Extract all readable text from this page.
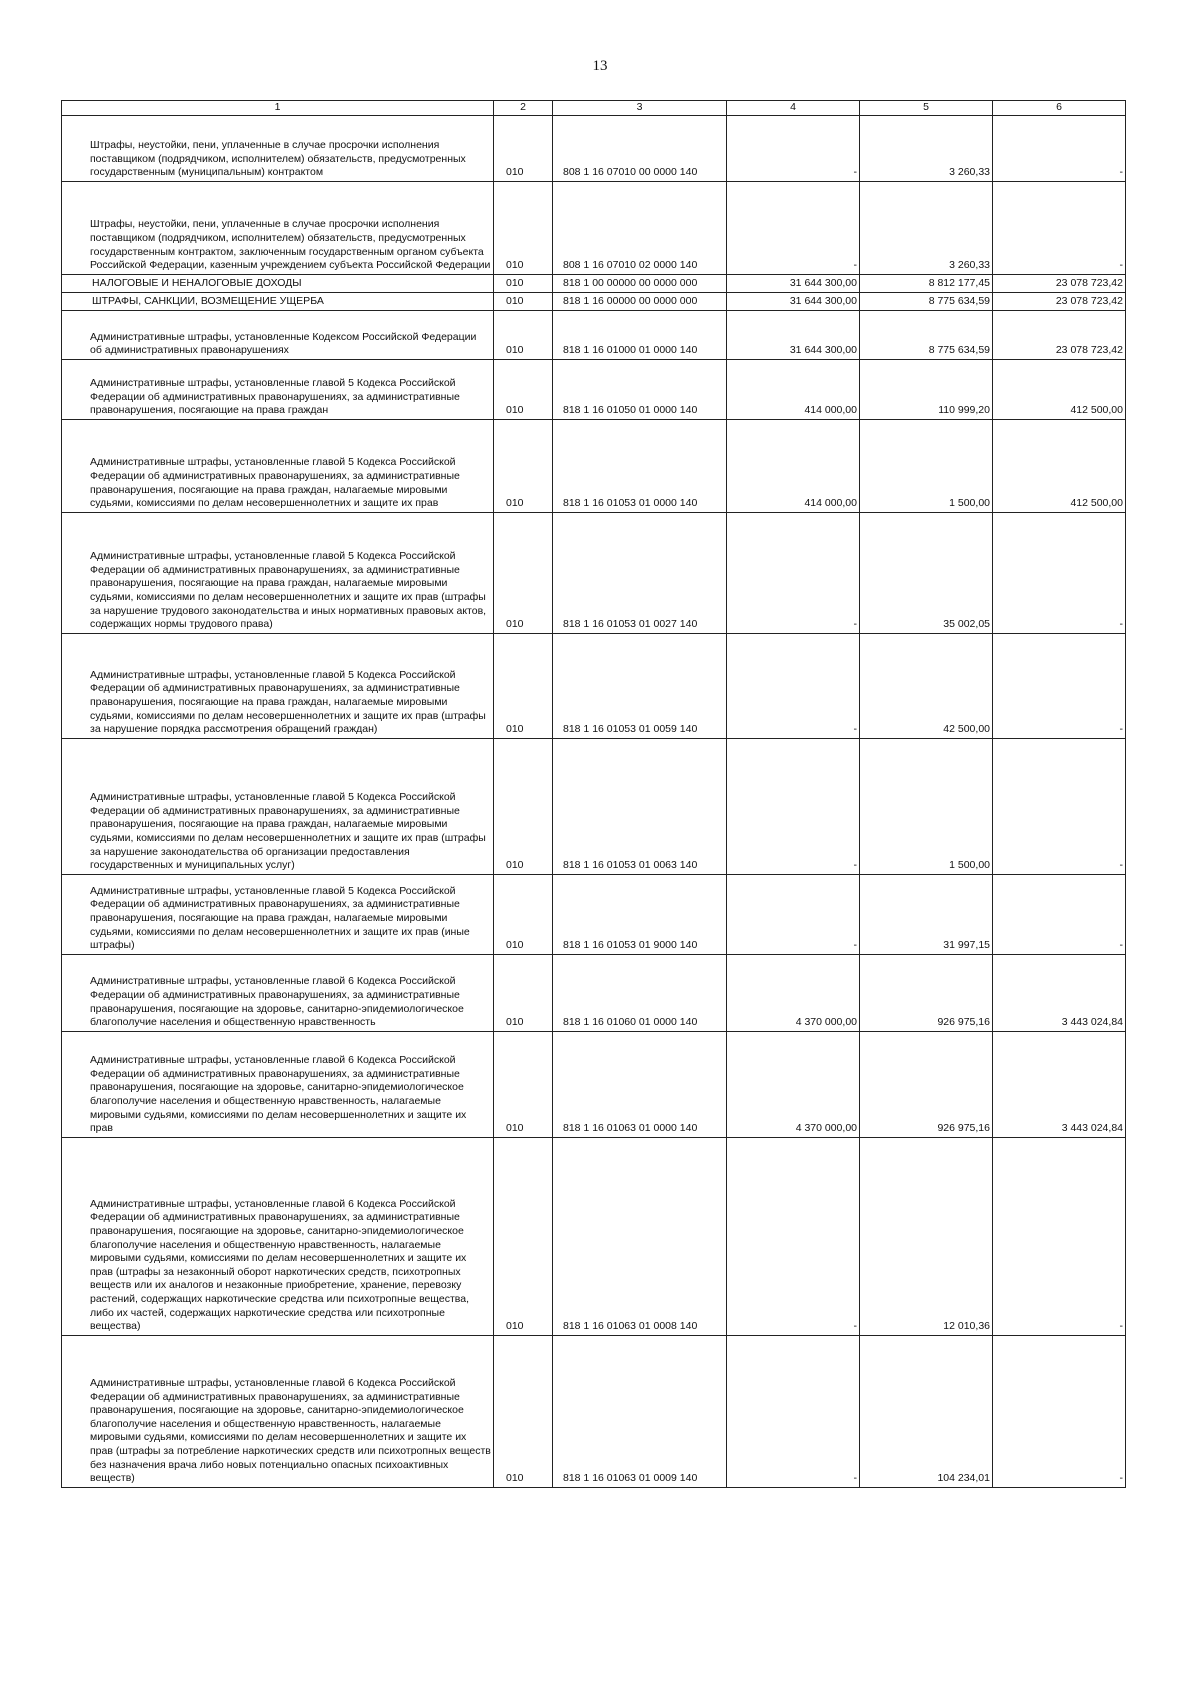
13
1	2	3	4	5	6
Штрафы, неустойки, пени, уплаченные в случае просрочки исполнения поставщиком (подрядчиком, исполнителем) обязательств, предусмотренных государственным (муниципальным) контрактом	010	808 1 16 07010 00 0000 140	-	3 260,33	-
Штрафы, неустойки, пени, уплаченные в случае просрочки исполнения поставщиком (подрядчиком, исполнителем) обязательств, предусмотренных государственным контрактом, заключенным государственным органом субъекта Российской Федерации, казенным учреждением субъекта Российской Федерации	010	808 1 16 07010 02 0000 140	-	3 260,33	-
НАЛОГОВЫЕ И НЕНАЛОГОВЫЕ ДОХОДЫ	010	818 1 00 00000 00 0000 000	31 644 300,00	8 812 177,45	23 078 723,42
ШТРАФЫ, САНКЦИИ, ВОЗМЕЩЕНИЕ УЩЕРБА	010	818 1 16 00000 00 0000 000	31 644 300,00	8 775 634,59	23 078 723,42
Административные штрафы, установленные Кодексом Российской Федерации об административных правонарушениях	010	818 1 16 01000 01 0000 140	31 644 300,00	8 775 634,59	23 078 723,42
Административные штрафы, установленные главой 5 Кодекса Российской Федерации об административных правонарушениях, за административные правонарушения, посягающие на права граждан	010	818 1 16 01050 01 0000 140	414 000,00	110 999,20	412 500,00
Административные штрафы, установленные главой 5 Кодекса Российской Федерации об административных правонарушениях, за административные правонарушения, посягающие на права граждан, налагаемые мировыми судьями, комиссиями по делам несовершеннолетних и защите их прав	010	818 1 16 01053 01 0000 140	414 000,00	1 500,00	412 500,00
Административные штрафы, установленные главой 5 Кодекса Российской Федерации об административных правонарушениях, за административные правонарушения, посягающие на права граждан, налагаемые мировыми судьями, комиссиями по делам несовершеннолетних и защите их прав (штрафы за нарушение трудового законодательства и иных нормативных правовых актов, содержащих нормы трудового права)	010	818 1 16 01053 01 0027 140	-	35 002,05	-
Административные штрафы, установленные главой 5 Кодекса Российской Федерации об административных правонарушениях, за административные правонарушения, посягающие на права граждан, налагаемые мировыми судьями, комиссиями по делам несовершеннолетних и защите их прав (штрафы за нарушение порядка рассмотрения обращений граждан)	010	818 1 16 01053 01 0059 140	-	42 500,00	-
Административные штрафы, установленные главой 5 Кодекса Российской Федерации об административных правонарушениях, за административные правонарушения, посягающие на права граждан, налагаемые мировыми судьями, комиссиями по делам несовершеннолетних и защите их прав (штрафы за нарушение законодательства об организации предоставления государственных и муниципальных услуг)	010	818 1 16 01053 01 0063 140	-	1 500,00	-
Административные штрафы, установленные главой 5 Кодекса Российской Федерации об административных правонарушениях, за административные правонарушения, посягающие на права граждан, налагаемые мировыми судьями, комиссиями по делам несовершеннолетних и защите их прав (иные штрафы)	010	818 1 16 01053 01 9000 140	-	31 997,15	-
Административные штрафы, установленные главой 6 Кодекса Российской Федерации об административных правонарушениях, за административные правонарушения, посягающие на здоровье, санитарно-эпидемиологическое благополучие населения и общественную нравственность	010	818 1 16 01060 01 0000 140	4 370 000,00	926 975,16	3 443 024,84
Административные штрафы, установленные главой 6 Кодекса Российской Федерации об административных правонарушениях, за административные правонарушения, посягающие на здоровье, санитарно-эпидемиологическое благополучие населения и общественную нравственность, налагаемые мировыми судьями, комиссиями по делам несовершеннолетних и защите их прав	010	818 1 16 01063 01 0000 140	4 370 000,00	926 975,16	3 443 024,84
Административные штрафы, установленные главой 6 Кодекса Российской Федерации об административных правонарушениях, за административные правонарушения, посягающие на здоровье, санитарно-эпидемиологическое благополучие населения и общественную нравственность, налагаемые мировыми судьями, комиссиями по делам несовершеннолетних и защите их прав (штрафы за незаконный оборот наркотических средств, психотропных веществ или их аналогов и незаконные приобретение, хранение, перевозку растений, содержащих наркотические средства или психотропные вещества, либо их частей, содержащих наркотические средства или психотропные вещества)	010	818 1 16 01063 01 0008 140	-	12 010,36	-
Административные штрафы, установленные главой 6 Кодекса Российской Федерации об административных правонарушениях, за административные правонарушения, посягающие на здоровье, санитарно-эпидемиологическое благополучие населения и общественную нравственность, налагаемые мировыми судьями, комиссиями по делам несовершеннолетних и защите их прав (штрафы за потребление наркотических средств или психотропных веществ без назначения врача либо новых потенциально опасных психоактивных веществ)	010	818 1 16 01063 01 0009 140	-	104 234,01	-
